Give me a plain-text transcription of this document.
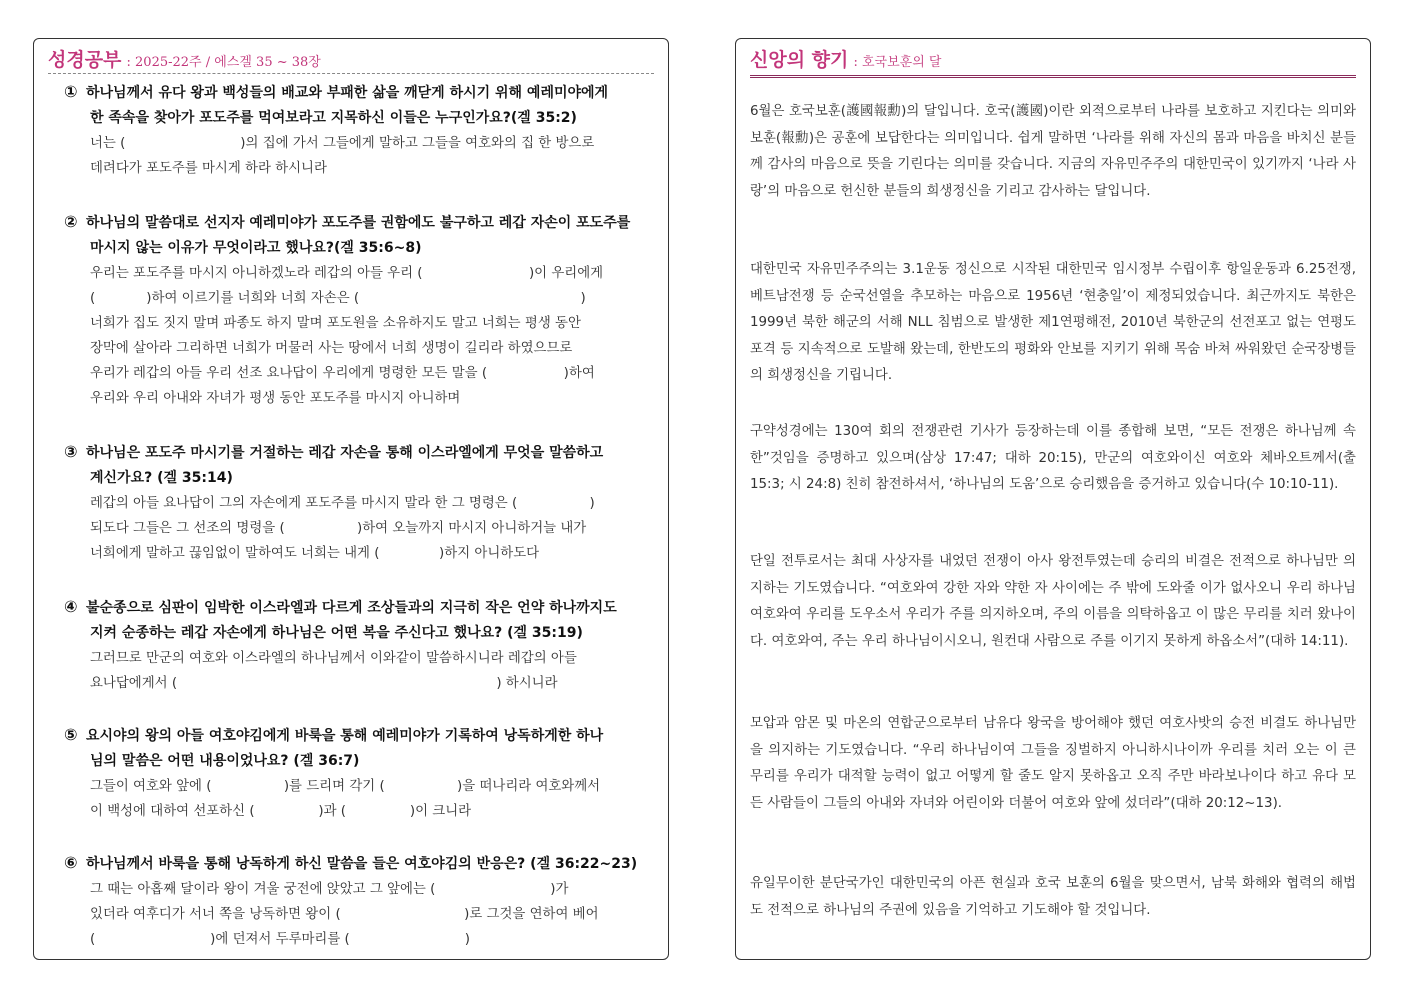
성경공부 : 2025-22주 / 에스겔 35 ~ 38장
① 하나님께서 유다 왕과 백성들의 배교와 부패한 삶을 깨닫게 하시기 위해 예레미야에게
한 족속을 찾아가 포도주를 먹여보라고 지목하신 이들은 누구인가요?(겔 35:2)
너는 (                           )의 집에 가서 그들에게 말하고 그들을 여호와의 집 한 방으로
데려다가 포도주를 마시게 하라 하시니라
② 하나님의 말씀대로 선지자 예레미야가 포도주를 권함에도 불구하고 레갑 자손이 포도주를
마시지 않는 이유가 무엇이라고 했나요?(겔 35:6~8)
우리는 포도주를 마시지 아니하겠노라 레갑의 아들 우리 (                         )이 우리에게
(            )하여 이르기를 너희와 너희 자손은 (                                                    )
너희가 집도 짓지 말며 파종도 하지 말며 포도원을 소유하지도 말고 너희는 평생 동안
장막에 살아라 그리하면 너희가 머물러 사는 땅에서 너희 생명이 길리라 하였으므로
우리가 레갑의 아들 우리 선조 요나답이 우리에게 명령한 모든 말을 (                  )하여
우리와 우리 아내와 자녀가 평생 동안 포도주를 마시지 아니하며
③ 하나님은 포도주 마시기를 거절하는 레갑 자손을 통해 이스라엘에게 무엇을 말씀하고
계신가요? (겔 35:14)
레갑의 아들 요나답이 그의 자손에게 포도주를 마시지 말라 한 그 명령은 (                 )
되도다 그들은 그 선조의 명령을 (                 )하여 오늘까지 마시지 아니하거늘 내가
너희에게 말하고 끊임없이 말하여도 너희는 내게 (              )하지 아니하도다
④ 불순종으로 심판이 임박한 이스라엘과 다르게 조상들과의 지극히 작은 언약 하나까지도
지켜 순종하는 레갑 자손에게 하나님은 어떤 복을 주신다고 했나요? (겔 35:19)
그러므로 만군의 여호와 이스라엘의 하나님께서 이와같이 말씀하시니라 레갑의 아들
요나답에게서 (                                                                           ) 하시니라
⑤ 요시야의 왕의 아들 여호야김에게 바룩을 통해 예레미야가 기록하여 낭독하게한 하나
님의 말씀은 어떤 내용이었나요? (겔 36:7)
그들이 여호와 앞에 (                 )를 드리며 각기 (                 )을 떠나리라 여호와께서
이 백성에 대하여 선포하신 (               )과 (               )이 크니라
⑥ 하나님께서 바룩을 통해 낭독하게 하신 말씀을 들은 여호야김의 반응은? (겔 36:22~23)
그 때는 아홉째 달이라 왕이 겨울 궁전에 앉았고 그 앞에는 (                           )가
있더라 여후디가 서너 쪽을 낭독하면 왕이 (                             )로 그것을 연하여 베어
(                           )에 던져서 두루마리를 (                           )
신앙의 향기 : 호국보훈의 달
6월은 호국보훈(護國報勳)의 달입니다. 호국(護國)이란 외적으로부터 나라를 보호하고 지킨다는 의미와 보훈(報勳)은 공훈에 보답한다는 의미입니다. 쉽게 말하면 ‘나라를 위해 자신의 몸과 마음을 바치신 분들께 감사의 마음으로 뜻을 기린다는 의미를 갖습니다. 지금의 자유민주주의 대한민국이 있기까지 ‘나라 사랑’의 마음으로 헌신한 분들의 희생정신을 기리고 감사하는 달입니다.
대한민국 자유민주주의는 3.1운동 정신으로 시작된 대한민국 임시정부 수립이후 항일운동과 6.25전쟁, 베트남전쟁 등 순국선열을 추모하는 마음으로 1956년 ‘현충일’이 제정되었습니다. 최근까지도 북한은 1999년 북한 해군의 서해 NLL 침범으로 발생한 제1연평해전, 2010년 북한군의 선전포고 없는 연평도 포격 등 지속적으로 도발해 왔는데, 한반도의 평화와 안보를 지키기 위해 목숨 바쳐 싸워왔던 순국장병들의 희생정신을 기립니다.
구약성경에는 130여 회의 전쟁관련 기사가 등장하는데 이를 종합해 보면, “모든 전쟁은 하나님께 속한”것임을 증명하고 있으며(삼상 17:47; 대하 20:15), 만군의 여호와이신 여호와 체바오트께서(출 15:3; 시 24:8) 친히 참전하셔서, ‘하나님의 도움’으로 승리했음을 증거하고 있습니다(수 10:10-11).
단일 전투로서는 최대 사상자를 내었던 전쟁이 아사 왕전투였는데 승리의 비결은 전적으로 하나님만 의지하는 기도였습니다. “여호와여 강한 자와 약한 자 사이에는 주 밖에 도와줄 이가 없사오니 우리 하나님 여호와여 우리를 도우소서 우리가 주를 의지하오며, 주의 이름을 의탁하옵고 이 많은 무리를 치러 왔나이다. 여호와여, 주는 우리 하나님이시오니, 원컨대 사람으로 주를 이기지 못하게 하옵소서”(대하 14:11).
모압과 암몬 및 마온의 연합군으로부터 남유다 왕국을 방어해야 했던 여호사밧의 승전 비결도 하나님만을 의지하는 기도였습니다. “우리 하나님이여 그들을 징벌하지 아니하시나이까 우리를 치러 오는 이 큰 무리를 우리가 대적할 능력이 없고 어떻게 할 줄도 알지 못하옵고 오직 주만 바라보나이다 하고 유다 모든 사람들이 그들의 아내와 자녀와 어린이와 더불어 여호와 앞에 섰더라”(대하 20:12~13).
유일무이한 분단국가인 대한민국의 아픈 현실과 호국 보훈의 6월을 맞으면서, 남북 화해와 협력의 해법도 전적으로 하나님의 주권에 있음을 기억하고 기도해야 할 것입니다.
